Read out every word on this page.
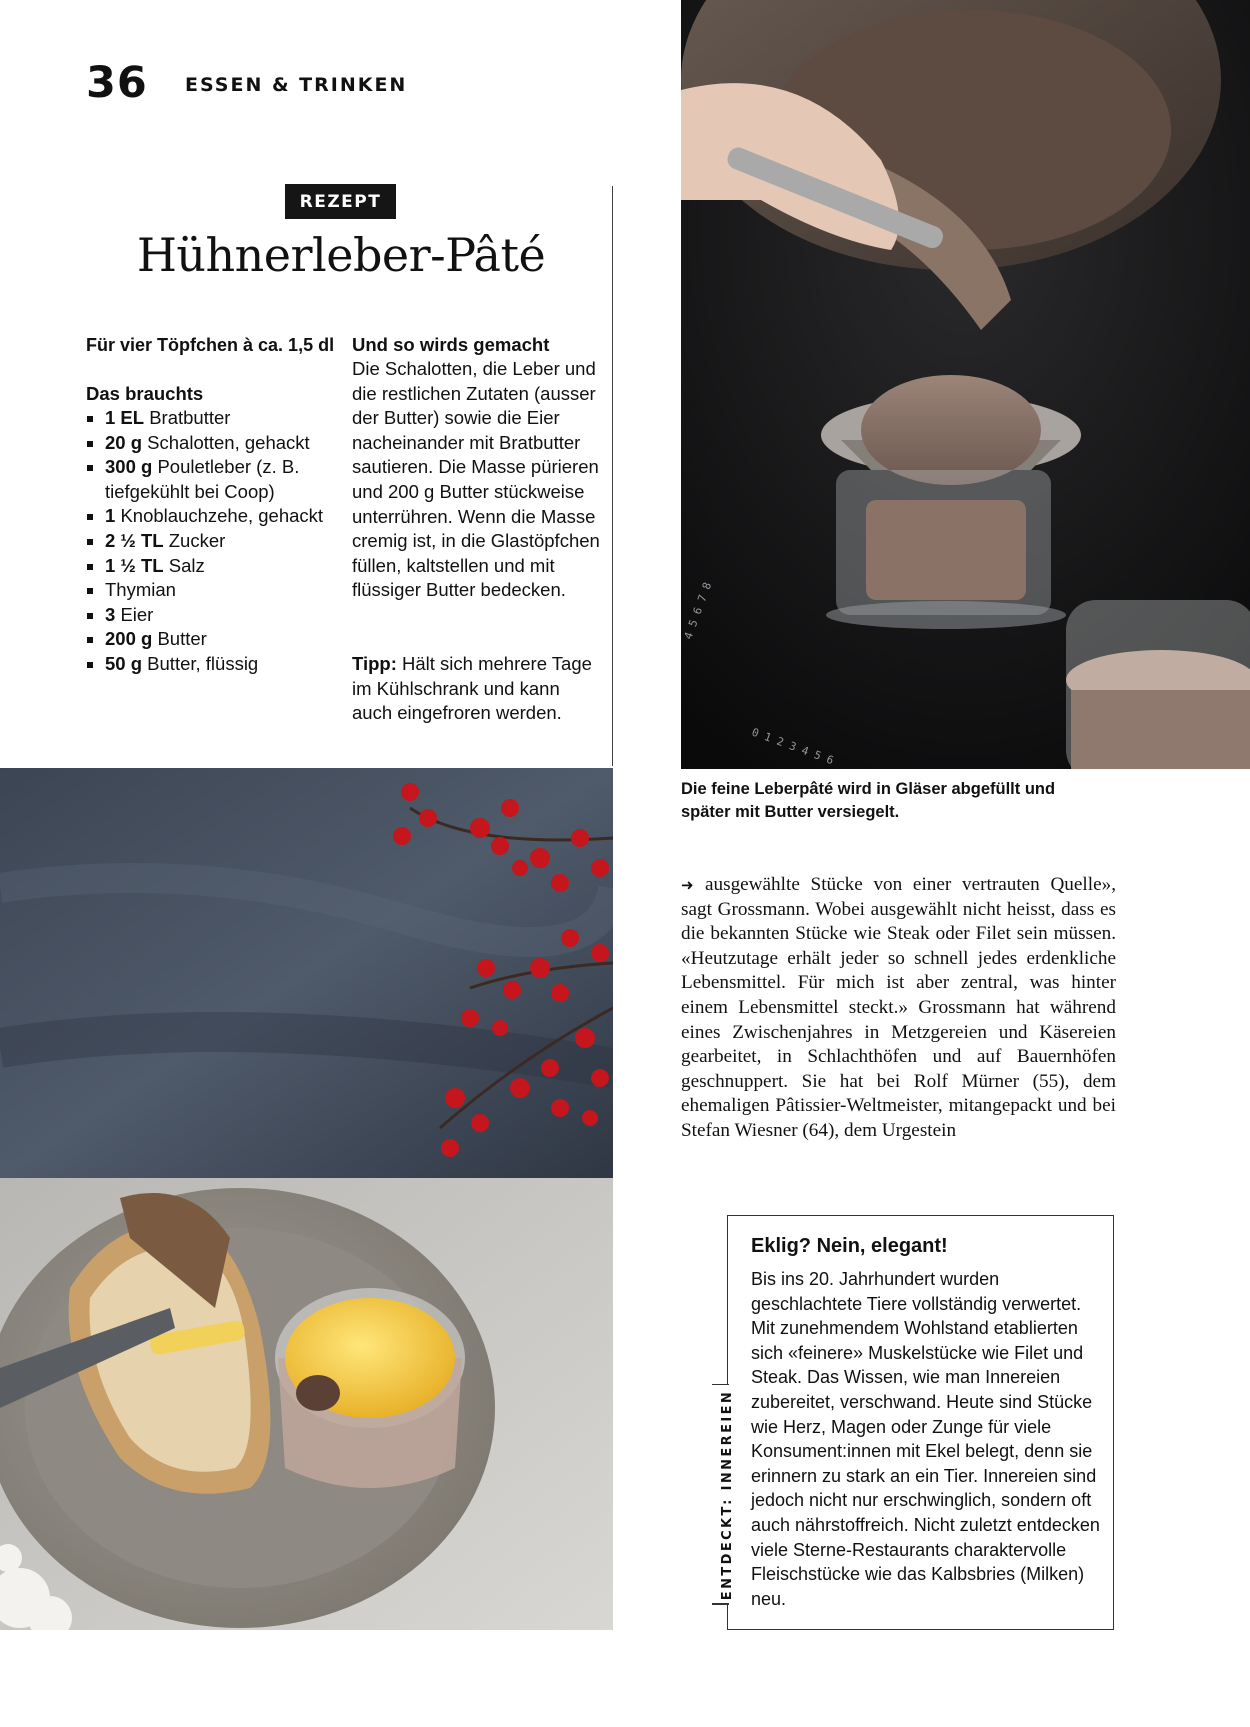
36 ESSEN & TRINKEN
REZEPT
Hühnerleber-Pâté
Für vier Töpfchen à ca. 1,5 dl
Das brauchts
1 EL Bratbutter
20 g Schalotten, gehackt
300 g Pouletleber (z. B. tiefgekühlt bei Coop)
1 Knoblauchzehe, gehackt
2 ½ TL Zucker
1 ½ TL Salz
Thymian
3 Eier
200 g Butter
50 g Butter, flüssig
Und so wirds gemacht
Die Schalotten, die Leber und die restlichen Zutaten (ausser der Butter) sowie die Eier nacheinander mit Bratbutter sautieren. Die Masse pürieren und 200 g Butter stückweise unterrühren. Wenn die Masse cremig ist, in die Glastöpfchen füllen, kaltstellen und mit flüssiger Butter bedecken.
Tipp: Hält sich mehrere Tage im Kühlschrank und kann auch eingefroren werden.
4 5 6 7 8
0 1 2 3 4 5 6
Die feine Leberpâté wird in Gläser abgefüllt und später mit Butter versiegelt.
➜ ausgewählte Stücke von einer vertrauten Quelle», sagt Grossmann. Wobei ausgewählt nicht heisst, dass es die bekannten Stücke wie Steak oder Filet sein müssen. «Heutzutage erhält jeder so schnell jedes erdenkliche Lebensmittel. Für mich ist aber zentral, was hinter einem Lebensmittel steckt.» Grossmann hat während eines Zwischenjahres in Metzgereien und Käsereien gearbeitet, in Schlachthöfen und auf Bauernhöfen geschnuppert. Sie hat bei Rolf Mürner (55), dem ehemaligen Pâtissier-Weltmeister, mitangepackt und bei Stefan Wiesner (64), dem Urgestein
ENTDECKT: INNEREIEN
Eklig? Nein, elegant!
Bis ins 20. Jahrhundert wurden geschlachtete Tiere vollständig verwertet. Mit zunehmendem Wohlstand etablierten sich «feinere» Muskelstücke wie Filet und Steak. Das Wissen, wie man Innereien zubereitet, verschwand. Heute sind Stücke wie Herz, Magen oder Zunge für viele Konsument:innen mit Ekel belegt, denn sie erinnern zu stark an ein Tier. Innereien sind jedoch nicht nur erschwinglich, sondern oft auch nährstoffreich. Nicht zuletzt entdecken viele Sterne-Restaurants charaktervolle Fleischstücke wie das Kalbsbries (Milken) neu.
